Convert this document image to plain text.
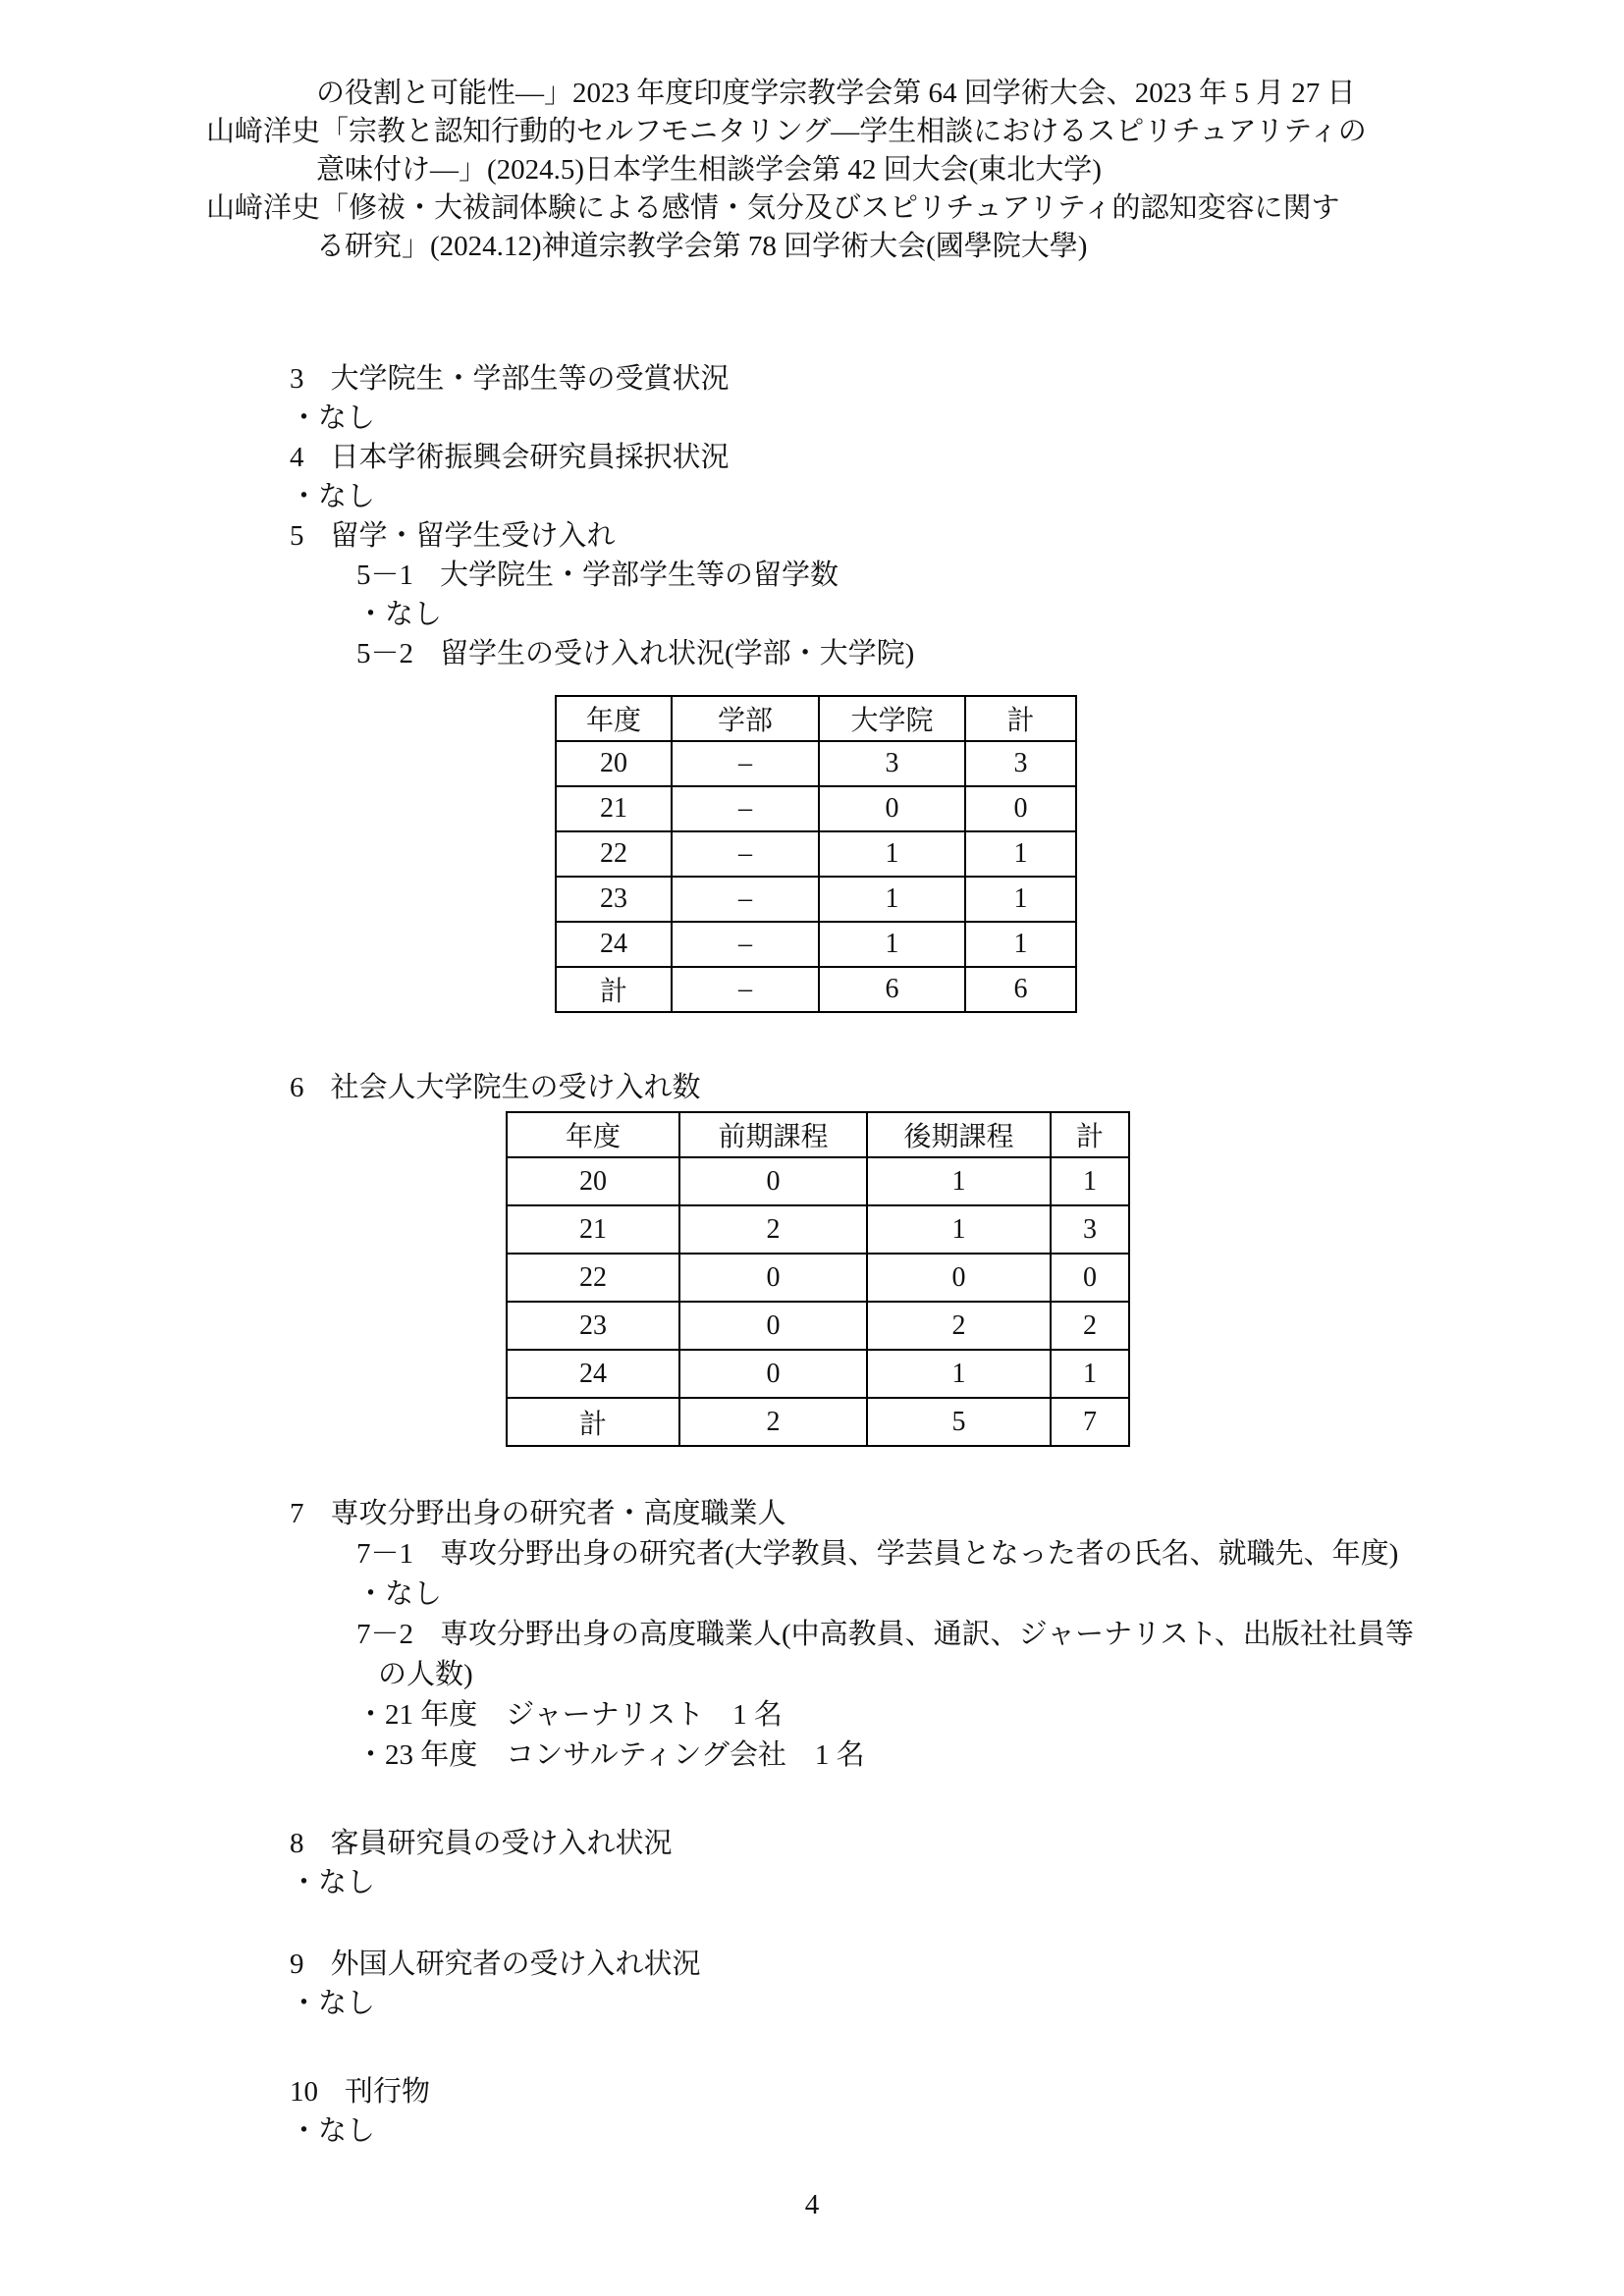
の役割と可能性―」2023 年度印度学宗教学会第 64 回学術大会、2023 年 5 月 27 日
山﨑洋史「宗教と認知行動的セルフモニタリング―学生相談におけるスピリチュアリティの
意味付け―」(2024.5)日本学生相談学会第 42 回大会(東北大学)
山﨑洋史「修祓・大祓詞体験による感情・気分及びスピリチュアリティ的認知変容に関す
る研究」(2024.12)神道宗教学会第 78 回学術大会(國學院大學)
3 大学院生・学部生等の受賞状況
・なし
4 日本学術振興会研究員採択状況
・なし
5 留学・留学生受け入れ
5－1 大学院生・学部学生等の留学数
・なし
5－2 留学生の受け入れ状況(学部・大学院)
年度	学部	大学院	計
20	–	3	3
21	–	0	0
22	–	1	1
23	–	1	1
24	–	1	1
計	–	6	6
6 社会人大学院生の受け入れ数
年度	前期課程	後期課程	計
20	0	1	1
21	2	1	3
22	0	0	0
23	0	2	2
24	0	1	1
計	2	5	7
7 専攻分野出身の研究者・高度職業人
7－1 専攻分野出身の研究者(大学教員、学芸員となった者の氏名、就職先、年度)
・なし
7－2 専攻分野出身の高度職業人(中高教員、通訳、ジャーナリスト、出版社社員等
の人数)
・21 年度　ジャーナリスト　1 名
・23 年度　コンサルティング会社　1 名
8 客員研究員の受け入れ状況
・なし
9 外国人研究者の受け入れ状況
・なし
10 刊行物
・なし
4
